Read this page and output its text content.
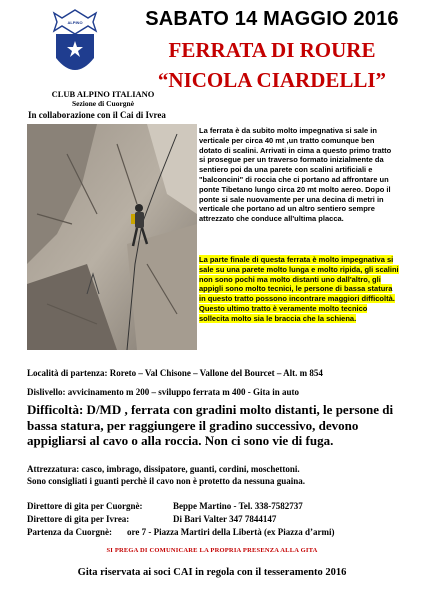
ALPINO	SABATO 14 MAGGIO 2016
FERRATA DI ROURE
“NICOLA CIARDELLI”
CLUB ALPINO ITALIANO
Sezione di Cuorgnè
In collaborazione con il Cai di Ivrea
La ferrata è da subito molto impegnativa si sale in verticale per circa 40 mt ,un tratto comunque ben dotato di scalini. Arrivati in cima a questo primo tratto si prosegue per un traverso formato inizialmente da sentiero poi da una parete con scalini artificiali e "balconcini" di roccia che ci portano ad affrontare un ponte Tibetano lungo circa 20 mt molto aereo. Dopo il ponte si sale nuovamente per una decina di metri in verticale che portano ad un altro sentiero sempre attrezzato che conduce all'ultima placca.
La parte finale di questa ferrata è molto impegnativa si sale su una parete molto lunga e molto ripida, gli scalini non sono pochi ma molto distanti uno dall'altro, gli appigli sono molto tecnici, le persone di bassa statura in questo tratto possono incontrare maggiori difficoltà. Questo ultimo tratto è veramente molto tecnico sollecita molto sia le braccia che la schiena.
Località di partenza: Roreto – Val Chisone – Vallone del Bourcet – Alt. m 854
Dislivello: avvicinamento m 200 – sviluppo ferrata m 400 - Gita in auto
Difficoltà: D/MD , ferrata con gradini molto distanti, le persone di bassa statura, per raggiungere il gradino successivo, devono appigliarsi al cavo o alla roccia. Non ci sono vie di fuga.
Attrezzatura: casco, imbrago, dissipatore, guanti, cordini, moschettoni.
Sono consigliati i guanti perchè il cavo non è protetto da nessuna guaina.
Direttore di gita per Cuorgnè:	Beppe Martino - Tel. 338-7582737
Direttore di gita per Ivrea:	Di Bari Valter 347 7844147
Partenza da Cuorgnè: ore 7 - Piazza Martiri della Libertà (ex Piazza d’armi)
SI PREGA DI COMUNICARE LA PROPRIA PRESENZA ALLA GITA
Gita riservata ai soci CAI in regola con il tesseramento 2016
